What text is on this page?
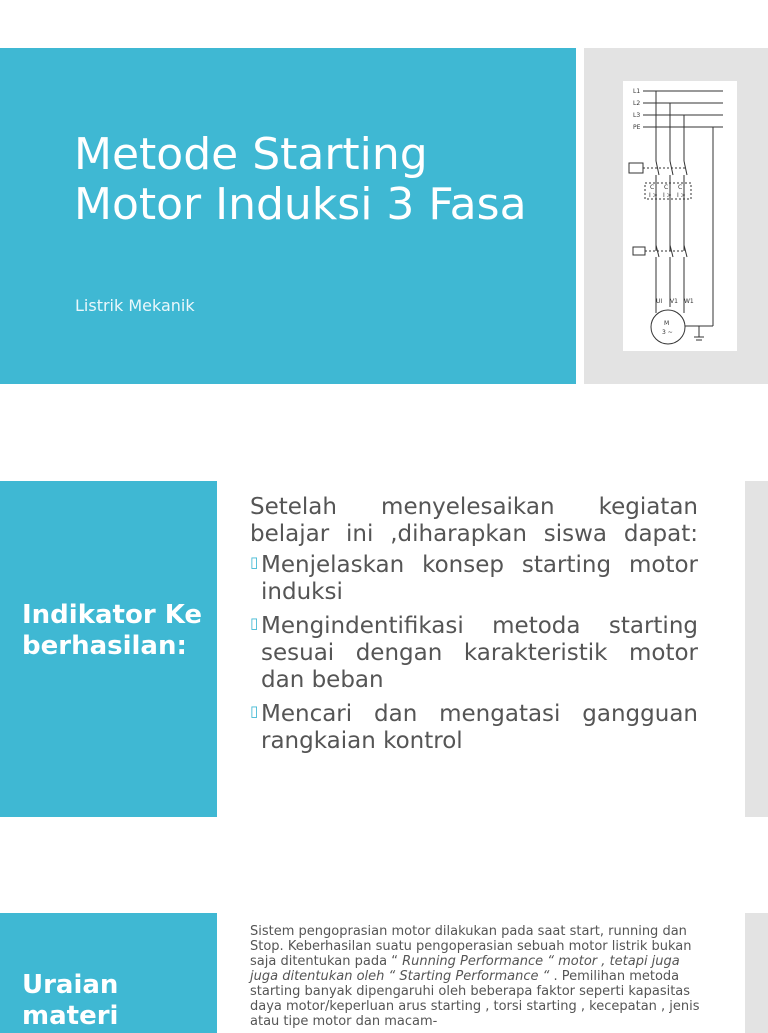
Metode Starting Motor Induksi 3 Fasa
Listrik Mekanik
L1
L2
L3
PE
C C C
I > I > I >
UI V1 W1
M
3 ~
Indikator Keberhasilan:

Setelah menyelesaikan kegiatan belajar ini ,diharapkan siswa dapat:

▯ Menjelaskan konsep starting motor induksi
▯ Mengindentifikasi metoda starting sesuai dengan karakteristik motor dan beban
▯ Mencari dan mengatasi gangguan rangkaian kontrol
Uraian materi
Sistem pengoprasian motor dilakukan pada saat start, running dan Stop. Keberhasilan suatu pengoperasian sebuah motor listrik bukan saja ditentukan pada “ Running Performance “ motor , tetapi juga juga ditentukan oleh “ Starting Performance “ . Pemilihan metoda starting banyak dipengaruhi oleh beberapa faktor seperti kapasitas daya motor/keperluan arus starting , torsi starting , kecepatan , jenis atau tipe motor dan macam-
